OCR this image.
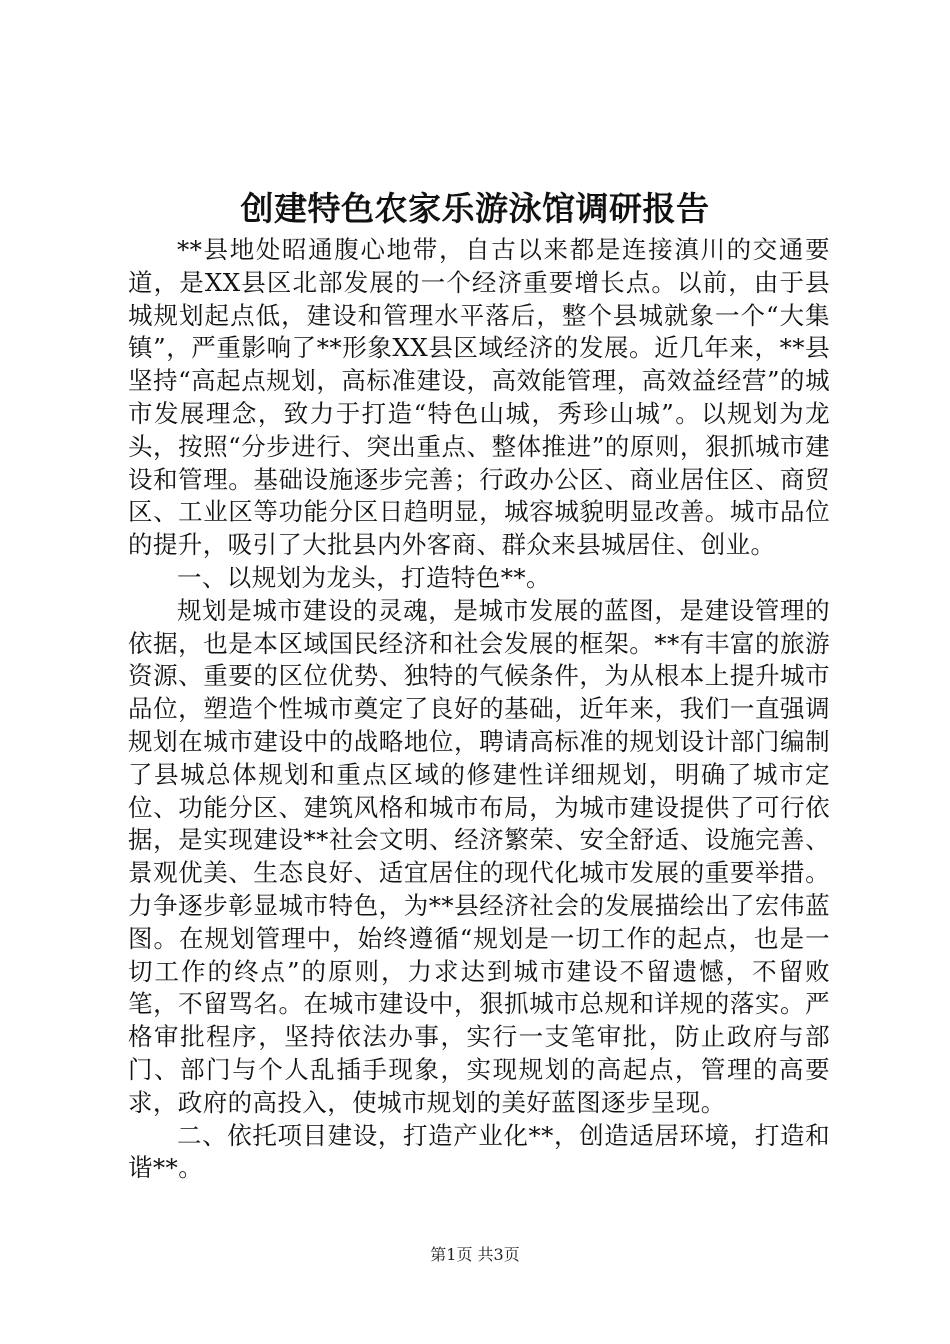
创建特色农家乐游泳馆调研报告

**县地处昭通腹心地带，自古以来都是连接滇川的交通要道，是XX县区北部发展的一个经济重要增长点。以前，由于县城规划起点低，建设和管理水平落后，整个县城就象一个“大集镇”，严重影响了**形象XX县区域经济的发展。近几年来，**县坚持“高起点规划，高标准建设，高效能管理，高效益经营”的城市发展理念，致力于打造“特色山城，秀珍山城”。以规划为龙头，按照“分步进行、突出重点、整体推进”的原则，狠抓城市建设和管理。基础设施逐步完善；行政办公区、商业居住区、商贸区、工业区等功能分区日趋明显，城容城貌明显改善。城市品位的提升，吸引了大批县内外客商、群众来县城居住、创业。

一、以规划为龙头，打造特色**。

规划是城市建设的灵魂，是城市发展的蓝图，是建设管理的依据，也是本区域国民经济和社会发展的框架。**有丰富的旅游资源、重要的区位优势、独特的气候条件，为从根本上提升城市品位，塑造个性城市奠定了良好的基础，近年来，我们一直强调规划在城市建设中的战略地位，聘请高标准的规划设计部门编制了县城总体规划和重点区域的修建性详细规划，明确了城市定位、功能分区、建筑风格和城市布局，为城市建设提供了可行依据，是实现建设**社会文明、经济繁荣、安全舒适、设施完善、景观优美、生态良好、适宜居住的现代化城市发展的重要举措。力争逐步彰显城市特色，为**县经济社会的发展描绘出了宏伟蓝图。在规划管理中，始终遵循“规划是一切工作的起点，也是一切工作的终点”的原则，力求达到城市建设不留遗憾，不留败笔，不留骂名。在城市建设中，狠抓城市总规和详规的落实。严格审批程序，坚持依法办事，实行一支笔审批，防止政府与部门、部门与个人乱插手现象，实现规划的高起点，管理的高要求，政府的高投入，使城市规划的美好蓝图逐步呈现。

二、依托项目建设，打造产业化**，创造适居环境，打造和谐**。

第1页 共3页
